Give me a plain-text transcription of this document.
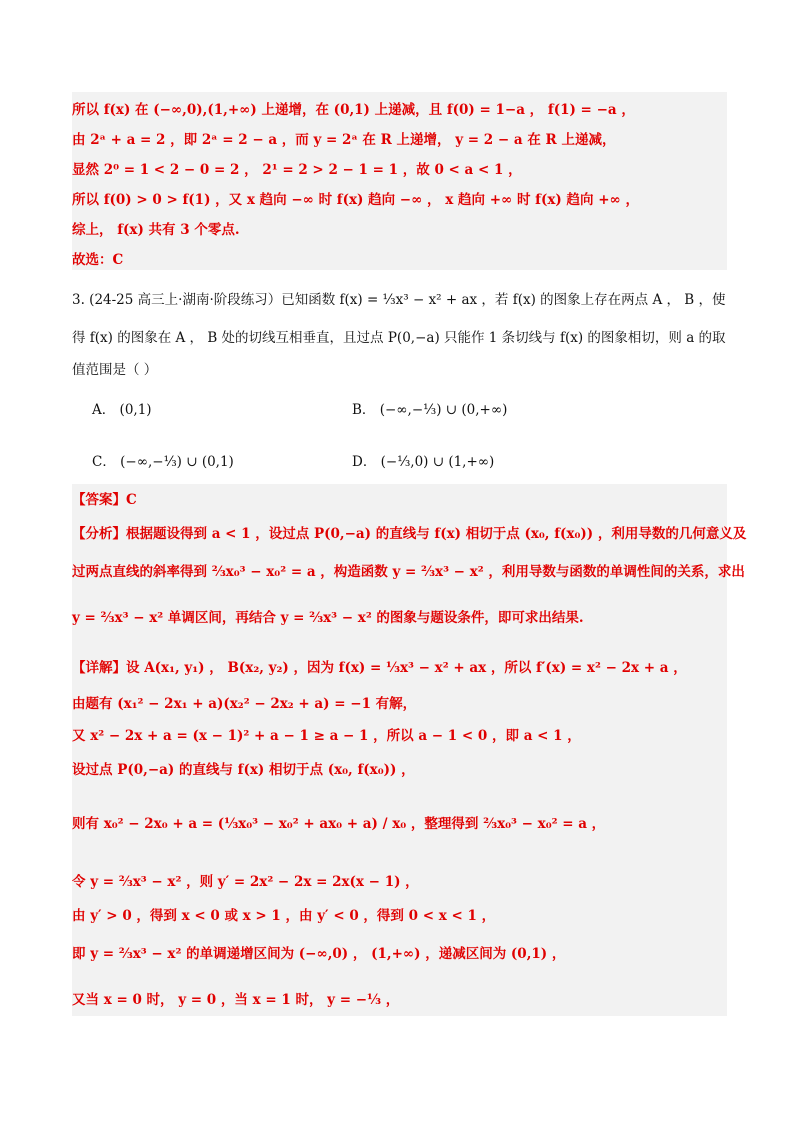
所以 f(x) 在 (−∞,0),(1,+∞) 上递增，在 (0,1) 上递减，且 f(0) = 1−a ， f(1) = −a ，
由 2ᵃ + a = 2 ，即 2ᵃ = 2 − a ，而 y = 2ᵃ 在 R 上递增， y = 2 − a 在 R 上递减，
显然 2⁰ = 1 < 2 − 0 = 2 ， 2¹ = 2 > 2 − 1 = 1 ，故 0 < a < 1 ，
所以 f(0) > 0 > f(1) ，又 x 趋向 −∞ 时 f(x) 趋向 −∞ ， x 趋向 +∞ 时 f(x) 趋向 +∞ ，
综上， f(x) 共有 3 个零点.
故选：C
3. (24-25 高三上·湖南·阶段练习）已知函数 f(x) = ⅓x³ − x² + ax ，若 f(x) 的图象上存在两点 A ， B ，使
得 f(x) 的图象在 A ， B 处的切线互相垂直，且过点 P(0,−a) 只能作 1 条切线与 f(x) 的图象相切，则 a 的取
值范围是（ ）
A． (0,1)	B． (−∞,−⅓) ∪ (0,+∞)
C． (−∞,−⅓) ∪ (0,1)	D． (−⅓,0) ∪ (1,+∞)
【答案】C
【分析】根据题设得到 a < 1 ，设过点 P(0,−a) 的直线与 f(x) 相切于点 (x₀, f(x₀)) ，利用导数的几何意义及
过两点直线的斜率得到 ⅔x₀³ − x₀² = a ，构造函数 y = ⅔x³ − x² ，利用导数与函数的单调性间的关系，求出
y = ⅔x³ − x² 单调区间，再结合 y = ⅔x³ − x² 的图象与题设条件，即可求出结果.
【详解】设 A(x₁, y₁) ， B(x₂, y₂) ，因为 f(x) = ⅓x³ − x² + ax ，所以 f′(x) = x² − 2x + a ，
由题有 (x₁² − 2x₁ + a)(x₂² − 2x₂ + a) = −1 有解，
又 x² − 2x + a = (x − 1)² + a − 1 ≥ a − 1 ，所以 a − 1 < 0 ，即 a < 1 ，
设过点 P(0,−a) 的直线与 f(x) 相切于点 (x₀, f(x₀)) ，
则有 x₀² − 2x₀ + a = (⅓x₀³ − x₀² + ax₀ + a) / x₀ ，整理得到 ⅔x₀³ − x₀² = a ，
令 y = ⅔x³ − x² ，则 y′ = 2x² − 2x = 2x(x − 1) ，
由 y′ > 0 ，得到 x < 0 或 x > 1 ，由 y′ < 0 ，得到 0 < x < 1 ，
即 y = ⅔x³ − x² 的单调递增区间为 (−∞,0) ， (1,+∞) ，递减区间为 (0,1) ，
又当 x = 0 时， y = 0 ，当 x = 1 时， y = −⅓ ，
